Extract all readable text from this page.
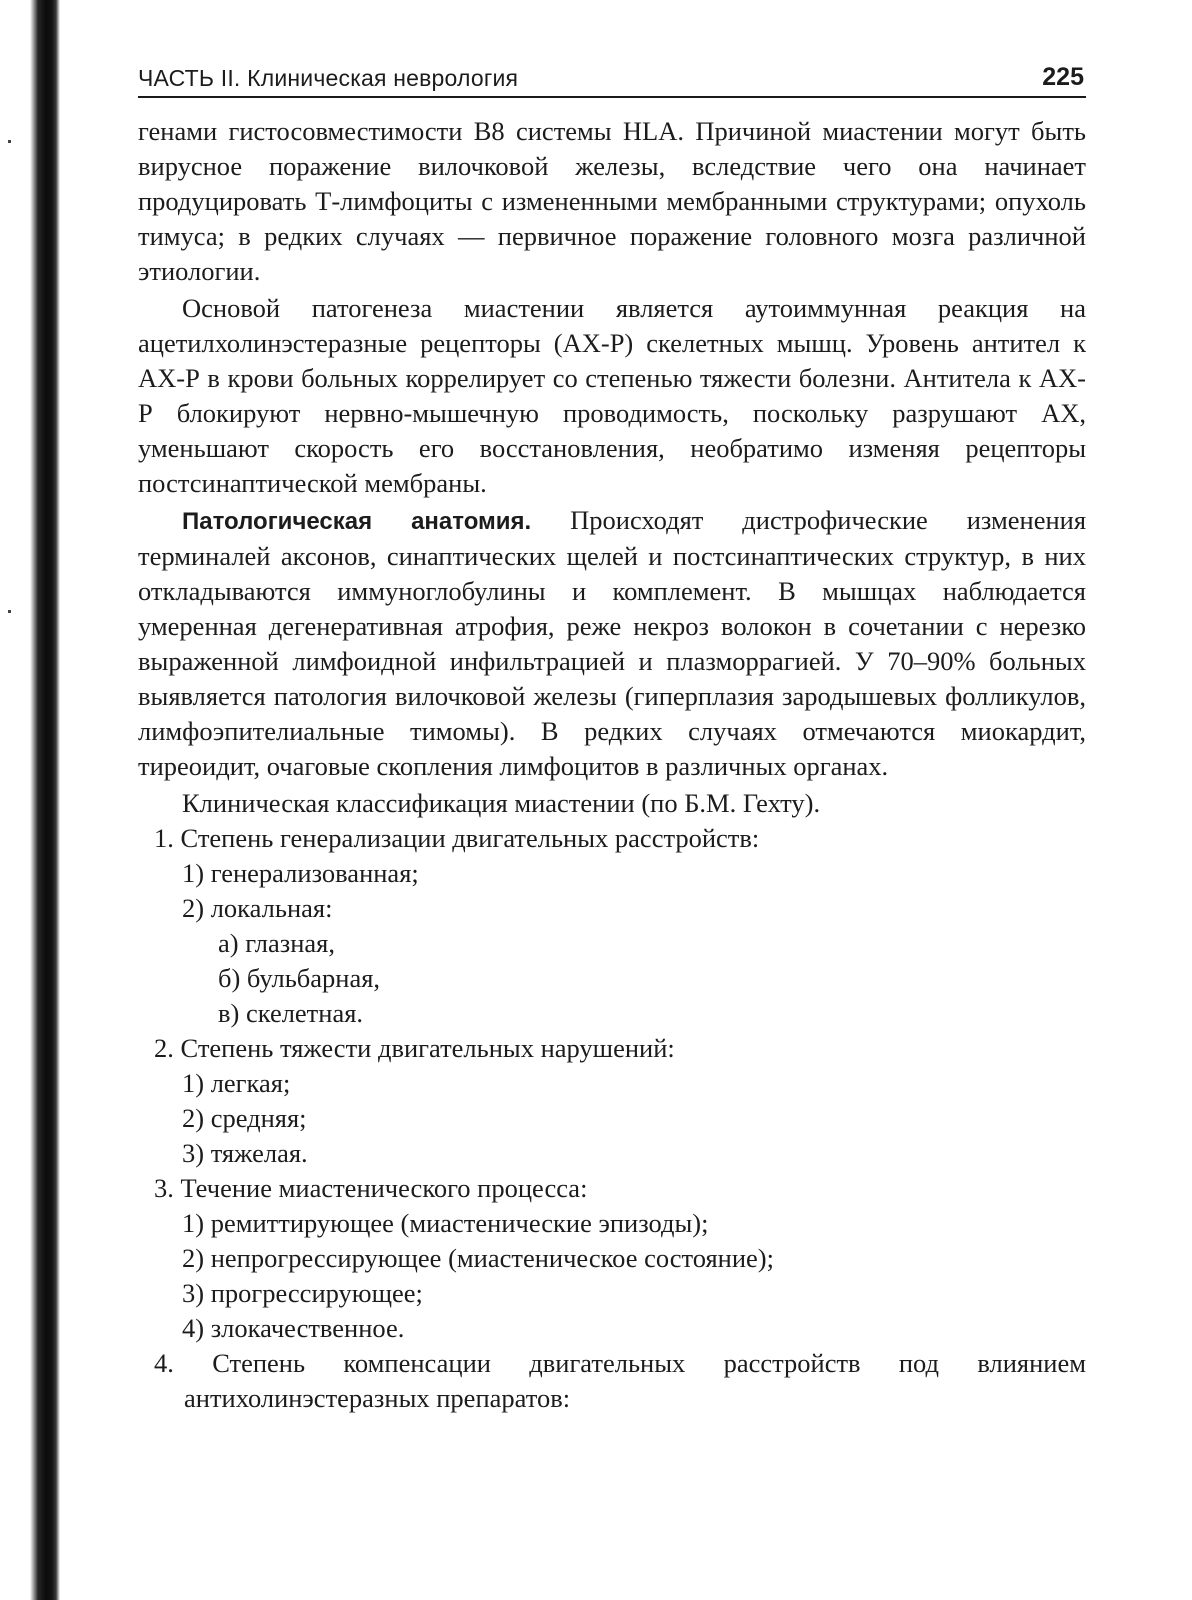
ЧАСТЬ II. Клиническая неврология	225

генами гистосовместимости В8 системы HLA. Причиной миастении могут быть вирусное поражение вилочковой железы, вследствие чего она начинает продуцировать Т-лимфоциты с измененными мембранными структурами; опухоль тимуса; в редких случаях — первичное поражение головного мозга различной этиологии.

Основой патогенеза миастении является аутоиммунная реакция на ацетилхолинэстеразные рецепторы (АХ-Р) скелетных мышц. Уровень антител к АХ-Р в крови больных коррелирует со степенью тяжести болезни. Антитела к АХ-Р блокируют нервно-мышечную проводимость, поскольку разрушают АХ, уменьшают скорость его восстановления, необратимо изменяя рецепторы постсинаптической мембраны.

Патологическая анатомия. Происходят дистрофические изменения терминалей аксонов, синаптических щелей и постсинаптических структур, в них откладываются иммуноглобулины и комплемент. В мышцах наблюдается умеренная дегенеративная атрофия, реже некроз волокон в сочетании с нерезко выраженной лимфоидной инфильтрацией и плазморрагией. У 70–90% больных выявляется патология вилочковой железы (гиперплазия зародышевых фолликулов, лимфоэпителиальные тимомы). В редких случаях отмечаются миокардит, тиреоидит, очаговые скопления лимфоцитов в различных органах.

Клиническая классификация миастении (по Б.М. Гехту).

1. Степень генерализации двигательных расстройств:

1) генерализованная;

2) локальная:

а) глазная,

б) бульбарная,

в) скелетная.

2. Степень тяжести двигательных нарушений:

1) легкая;

2) средняя;

3) тяжелая.

3. Течение миастенического процесса:

1) ремиттирующее (миастенические эпизоды);

2) непрогрессирующее (миастеническое состояние);

3) прогрессирующее;

4) злокачественное.

4. Степень компенсации двигательных расстройств под влиянием антихолинэстеразных препаратов:
